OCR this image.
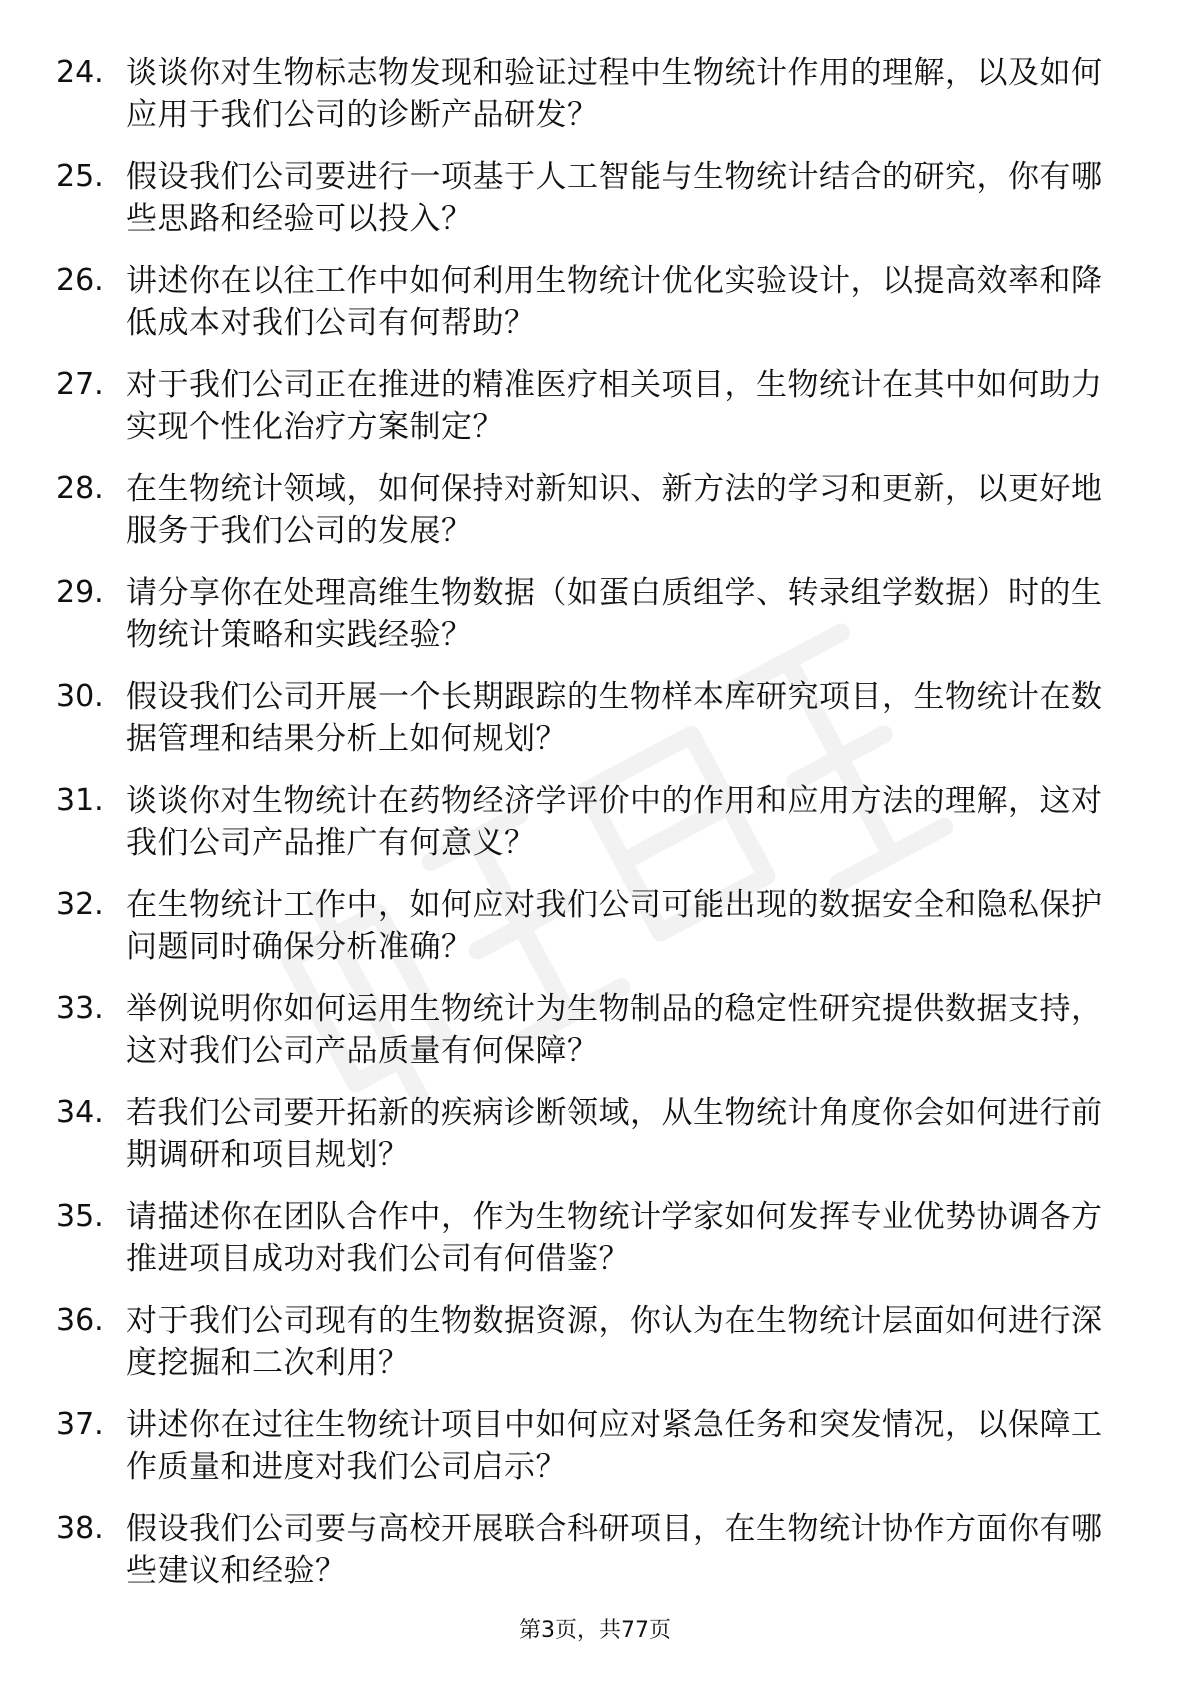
24. 谈谈你对生物标志物发现和验证过程中生物统计作用的理解，以及如何应用于我们公司的诊断产品研发？
25. 假设我们公司要进行一项基于人工智能与生物统计结合的研究，你有哪些思路和经验可以投入？
26. 讲述你在以往工作中如何利用生物统计优化实验设计，以提高效率和降低成本对我们公司有何帮助？
27. 对于我们公司正在推进的精准医疗相关项目，生物统计在其中如何助力实现个性化治疗方案制定？
28. 在生物统计领域，如何保持对新知识、新方法的学习和更新，以更好地服务于我们公司的发展？
29. 请分享你在处理高维生物数据（如蛋白质组学、转录组学数据）时的生物统计策略和实践经验？
30. 假设我们公司开展一个长期跟踪的生物样本库研究项目，生物统计在数据管理和结果分析上如何规划？
31. 谈谈你对生物统计在药物经济学评价中的作用和应用方法的理解，这对我们公司产品推广有何意义？
32. 在生物统计工作中，如何应对我们公司可能出现的数据安全和隐私保护问题同时确保分析准确？
33. 举例说明你如何运用生物统计为生物制品的稳定性研究提供数据支持，这对我们公司产品质量有何保障？
34. 若我们公司要开拓新的疾病诊断领域，从生物统计角度你会如何进行前期调研和项目规划？
35. 请描述你在团队合作中，作为生物统计学家如何发挥专业优势协调各方推进项目成功对我们公司有何借鉴？
36. 对于我们公司现有的生物数据资源，你认为在生物统计层面如何进行深度挖掘和二次利用？
37. 讲述你在过往生物统计项目中如何应对紧急任务和突发情况，以保障工作质量和进度对我们公司启示？
38. 假设我们公司要与高校开展联合科研项目，在生物统计协作方面你有哪些建议和经验？
第3页，共77页
